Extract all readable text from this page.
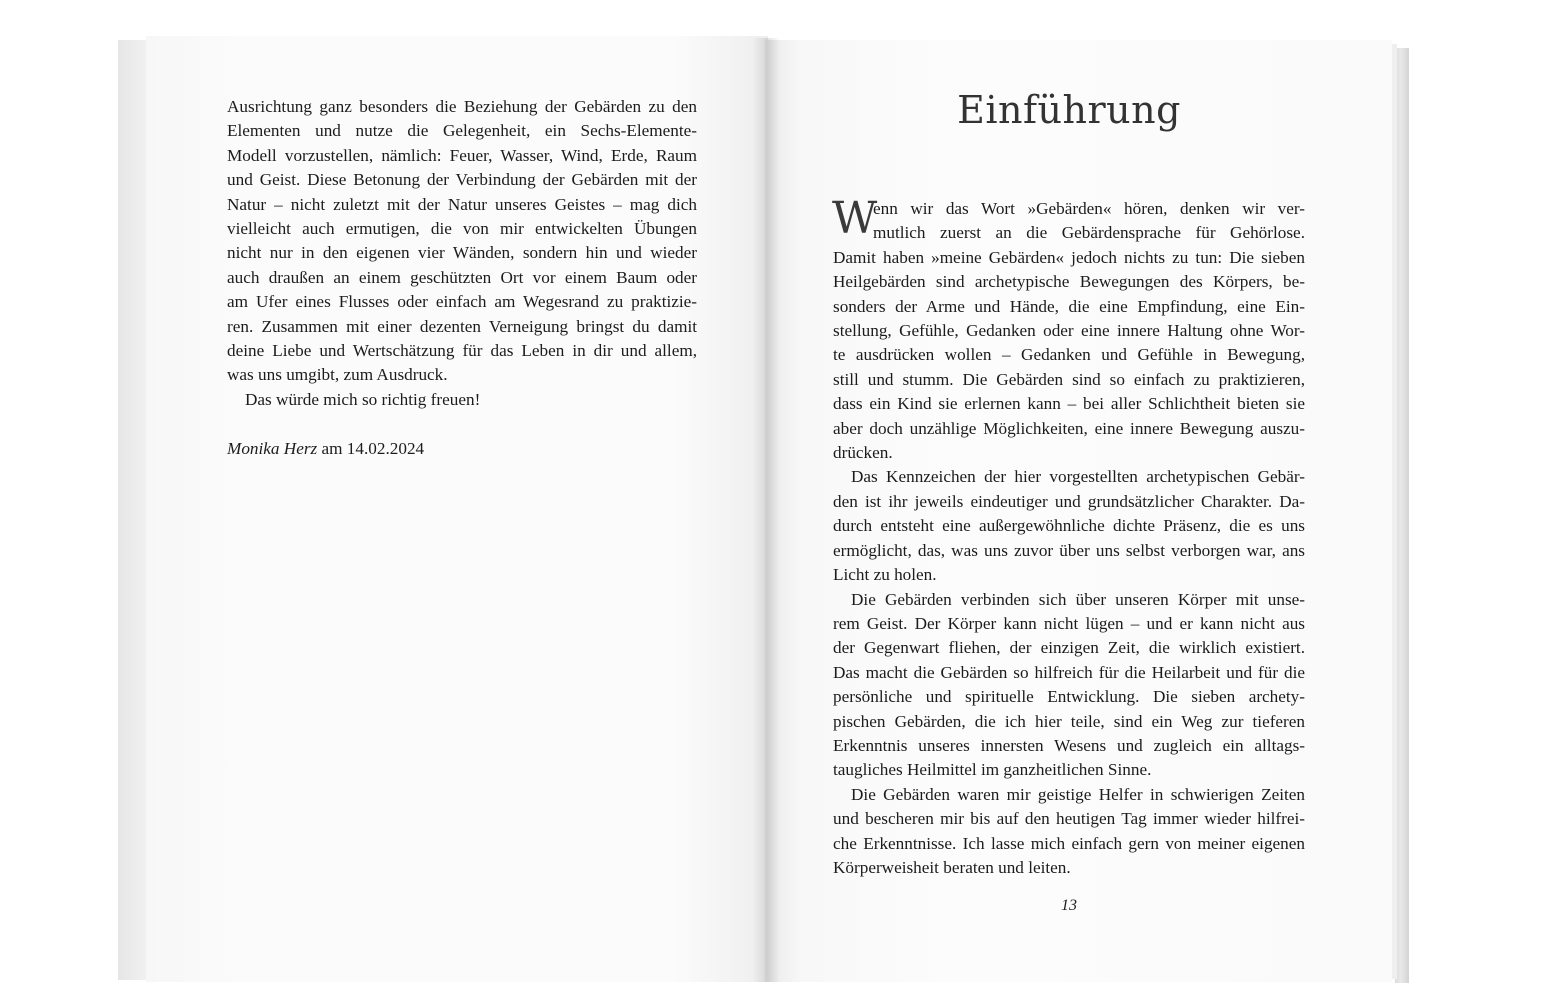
Ausrichtung ganz besonders die Beziehung der Gebärden zu den
Elementen und nutze die Gelegenheit, ein Sechs-Elemente-
Modell vorzustellen, nämlich: Feuer, Wasser, Wind, Erde, Raum
und Geist. Diese Betonung der Verbindung der Gebärden mit der
Natur – nicht zuletzt mit der Natur unseres Geistes – mag dich
vielleicht auch ermutigen, die von mir entwickelten Übungen
nicht nur in den eigenen vier Wänden, sondern hin und wieder
auch draußen an einem geschützten Ort vor einem Baum oder
am Ufer eines Flusses oder einfach am Wegesrand zu praktizie-
ren. Zusammen mit einer dezenten Verneigung bringst du damit
deine Liebe und Wertschätzung für das Leben in dir und allem,
was uns umgibt, zum Ausdruck.
Das würde mich so richtig freuen!
Monika Herz am 14.02.2024
Einführung
W
enn wir das Wort »Gebärden« hören, denken wir ver-
mutlich zuerst an die Gebärdensprache für Gehörlose.
Damit haben »meine Gebärden« jedoch nichts zu tun: Die sieben
Heilgebärden sind archetypische Bewegungen des Körpers, be-
sonders der Arme und Hände, die eine Empfindung, eine Ein-
stellung, Gefühle, Gedanken oder eine innere Haltung ohne Wor-
te ausdrücken wollen – Gedanken und Gefühle in Bewegung,
still und stumm. Die Gebärden sind so einfach zu praktizieren,
dass ein Kind sie erlernen kann – bei aller Schlichtheit bieten sie
aber doch unzählige Möglichkeiten, eine innere Bewegung auszu-
drücken.
Das Kennzeichen der hier vorgestellten archetypischen Gebär-
den ist ihr jeweils eindeutiger und grundsätzlicher Charakter. Da-
durch entsteht eine außergewöhnliche dichte Präsenz, die es uns
ermöglicht, das, was uns zuvor über uns selbst verborgen war, ans
Licht zu holen.
Die Gebärden verbinden sich über unseren Körper mit unse-
rem Geist. Der Körper kann nicht lügen – und er kann nicht aus
der Gegenwart fliehen, der einzigen Zeit, die wirklich existiert.
Das macht die Gebärden so hilfreich für die Heilarbeit und für die
persönliche und spirituelle Entwicklung. Die sieben archety-
pischen Gebärden, die ich hier teile, sind ein Weg zur tieferen
Erkenntnis unseres innersten Wesens und zugleich ein alltags-
taugliches Heilmittel im ganzheitlichen Sinne.
Die Gebärden waren mir geistige Helfer in schwierigen Zeiten
und bescheren mir bis auf den heutigen Tag immer wieder hilfrei-
che Erkenntnisse. Ich lasse mich einfach gern von meiner eigenen
Körperweisheit beraten und leiten.
13
